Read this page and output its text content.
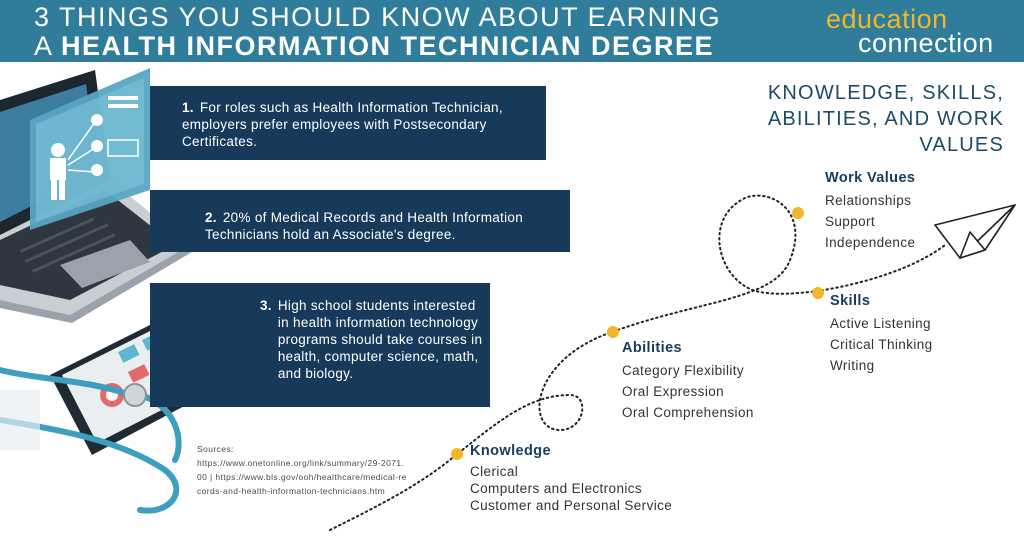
3 THINGS YOU SHOULD KNOW ABOUT EARNING
A HEALTH INFORMATION TECHNICIAN DEGREE
education
connection
1. For roles such as Health Information Technician, employers prefer employees with Postsecondary Certificates.
2. 20% of Medical Records and Health Information Technicians hold an Associate's degree.
3. High school students interested in health information technology programs should take courses in health, computer science, math, and biology.
Sources:
https://www.onetonline.org/link/summary/29-2071.00 | https://www.bls.gov/ooh/healthcare/medical-records-and-health-information-technicians.htm
KNOWLEDGE, SKILLS, ABILITIES, AND WORK VALUES
Work Values
Relationships
Support
Independence
Skills
Active Listening
Critical Thinking
Writing
Abilities
Category Flexibility
Oral Expression
Oral Comprehension
Knowledge
Clerical
Computers and Electronics
Customer and Personal Service
